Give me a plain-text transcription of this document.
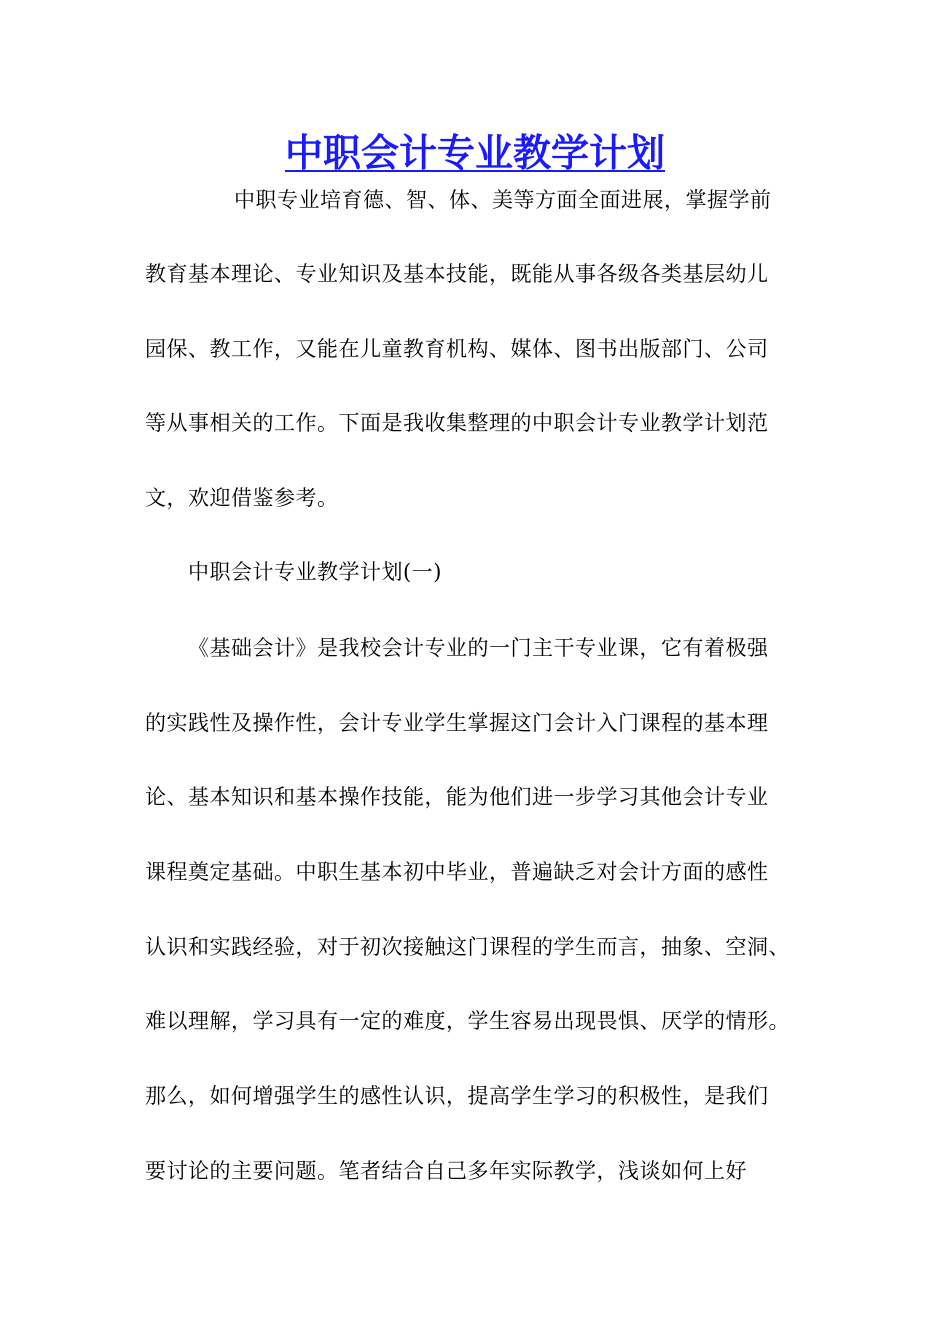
中职会计专业教学计划
中职专业培育德、智、体、美等方面全面进展，掌握学前
教育基本理论、专业知识及基本技能，既能从事各级各类基层幼儿
园保、教工作，又能在儿童教育机构、媒体、图书出版部门、公司
等从事相关的工作。下面是我收集整理的中职会计专业教学计划范
文，欢迎借鉴参考。
中职会计专业教学计划(一)
《基础会计》是我校会计专业的一门主干专业课，它有着极强
的实践性及操作性，会计专业学生掌握这门会计入门课程的基本理
论、基本知识和基本操作技能，能为他们进一步学习其他会计专业
课程奠定基础。中职生基本初中毕业，普遍缺乏对会计方面的感性
认识和实践经验，对于初次接触这门课程的学生而言，抽象、空洞、
难以理解，学习具有一定的难度，学生容易出现畏惧、厌学的情形。
那么，如何增强学生的感性认识，提高学生学习的积极性，是我们
要讨论的主要问题。笔者结合自己多年实际教学，浅谈如何上好
